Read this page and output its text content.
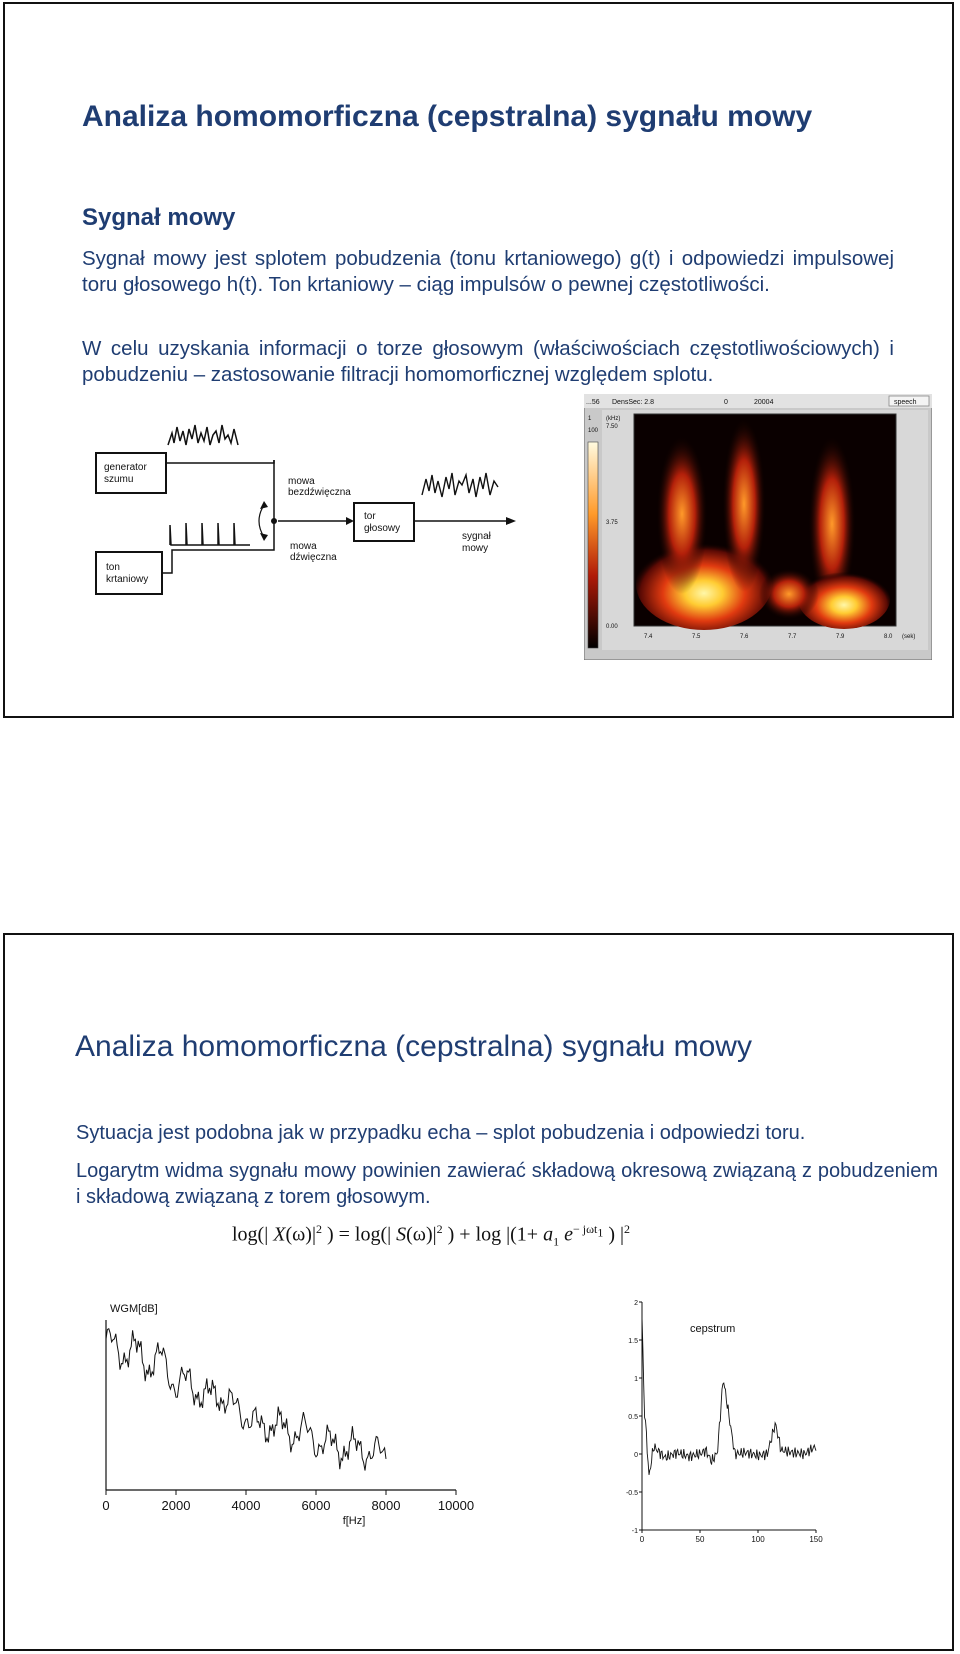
Analiza homomorficzna (cepstralna) sygnału mowy
Sygnał mowy
Sygnał mowy jest splotem pobudzenia (tonu krtaniowego) g(t) i odpowiedzi impulsowej toru głosowego h(t). Ton krtaniowy – ciąg impulsów o pewnej częstotliwości.
W celu uzyskania informacji o torze głosowym (właściwościach częstotliwościowych) i pobudzeniu – zastosowanie filtracji homomorficznej względem splotu.
generator
szumu
ton
krtaniowy
mowa
bezdźwięczna
mowa
dźwięczna
tor
głosowy
sygnał
mowy
...56 DensSec: 2.8	0	20004	speech
1
100
(kHz)
7.50
3.75
0.00
7.4	7.5	7.6	7.7	7.9	8.0 (sek)
Analiza homomorficzna (cepstralna) sygnału mowy
Sytuacja jest podobna jak w przypadku echa – splot pobudzenia i odpowiedzi toru.
Logarytm widma sygnału mowy powinien zawierać składową okresową związaną z pobudzeniem i składową związaną z torem głosowym.
log(| $X(\omega)|^2$ ) = log(| $S(\omega)|^2$ ) + $\log |(1+ a_1$ $e^{- j\omega t_1}$ ) $|^2$
WGM[dB]
0	2000	4000	6000	8000	10000
f[Hz]
cepstrum
-1
-0.5
0
0.5
1
1.5
2
0	50	100	150
